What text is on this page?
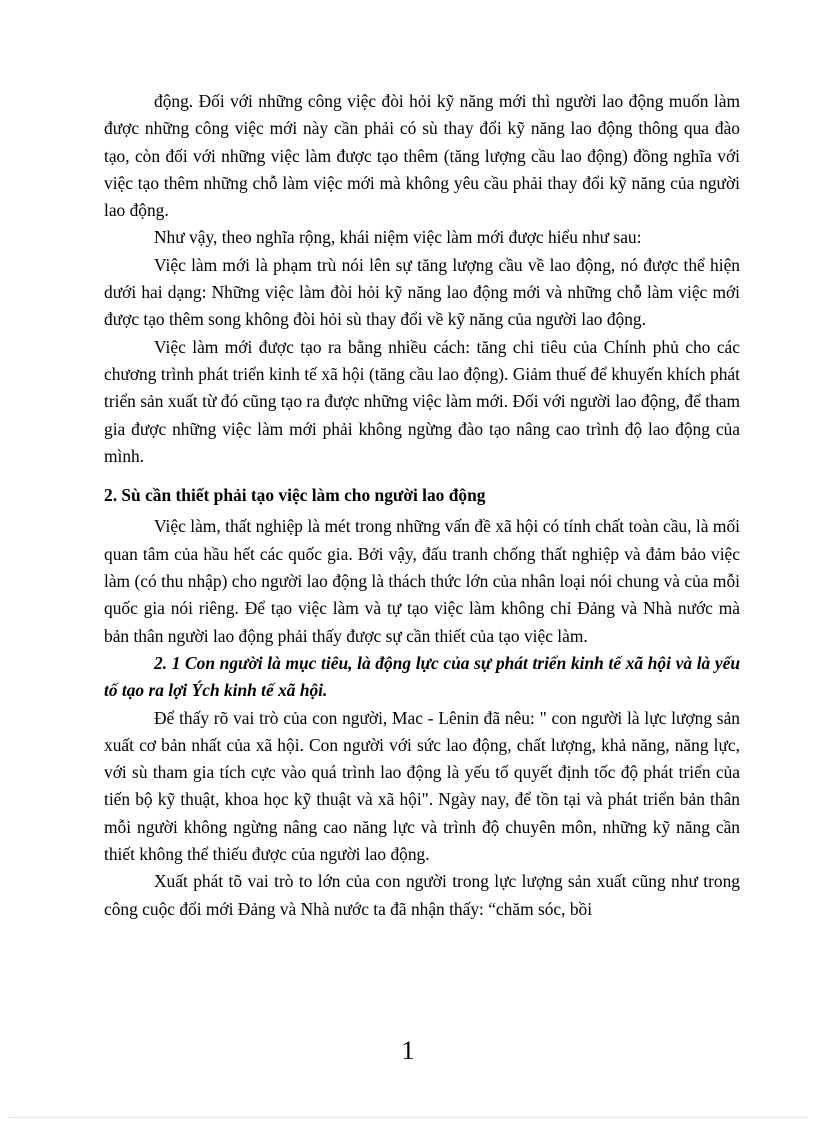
động. Đối với những công việc đòi hỏi kỹ năng mới thì người lao động muốn làm được những công việc mới này cần phải có sù thay đổi kỹ năng lao động thông qua đào tạo, còn đối với những việc làm được tạo thêm (tăng lượng cầu lao động) đồng nghĩa với việc tạo thêm những chỗ làm việc mới mà không yêu cầu phải thay đổi kỹ năng của người lao động.

Như vậy, theo nghĩa rộng, khái niệm việc làm mới được hiểu như sau:

Việc làm mới là phạm trù nói lên sự tăng lượng cầu về lao động, nó được thể hiện dưới hai dạng: Những việc làm đòi hỏi kỹ năng lao động mới và những chỗ làm việc mới được tạo thêm song không đòi hỏi sù thay đổi về kỹ năng của người lao động.

Việc làm mới được tạo ra bằng nhiều cách: tăng chi tiêu của Chính phủ cho các chương trình phát triển kinh tế xã hội (tăng cầu lao động). Giảm thuế để khuyến khích phát triển sản xuất từ đó cũng tạo ra được những việc làm mới. Đối với người lao động, để tham gia được những việc làm mới phải không ngừng đào tạo nâng cao trình độ lao động của mình.

2. Sù cần thiết phải tạo việc làm cho người lao động

Việc làm, thất nghiệp là mét trong những vấn đề xã hội có tính chất toàn cầu, là mối quan tâm của hầu hết các quốc gia. Bởi vậy, đấu tranh chống thất nghiệp và đảm bảo việc làm (có thu nhập) cho người lao động là thách thức lớn của nhân loại nói chung và của mỗi quốc gia nói riêng. Để tạo việc làm và tự tạo việc làm không chỉ Đảng và Nhà nước mà bản thân người lao động phải thấy được sự cần thiết của tạo việc làm.

2. 1 Con người là mục tiêu, là động lực của sự phát triển kinh tế xã hội và là yếu tố tạo ra lợi Ých kinh tế xã hội.

Để thấy rõ vai trò của con người, Mac - Lênin đã nêu: " con người là lực lượng sản xuất cơ bản nhất của xã hội. Con người với sức lao động, chất lượng, khả năng, năng lực, với sù tham gia tích cực vào quá trình lao động là yếu tố quyết định tốc độ phát triển của tiến bộ kỹ thuật, khoa học kỹ thuật và xã hội". Ngày nay, để tồn tại và phát triển bản thân mỗi người không ngừng nâng cao năng lực và trình độ chuyên môn, những kỹ năng cần thiết không thể thiếu được của người lao động.

Xuất phát tõ vai trò to lớn của con người trong lực lượng sản xuất cũng như trong công cuộc đổi mới Đảng và Nhà nước ta đã nhận thấy: “chăm sóc, bồi

1
